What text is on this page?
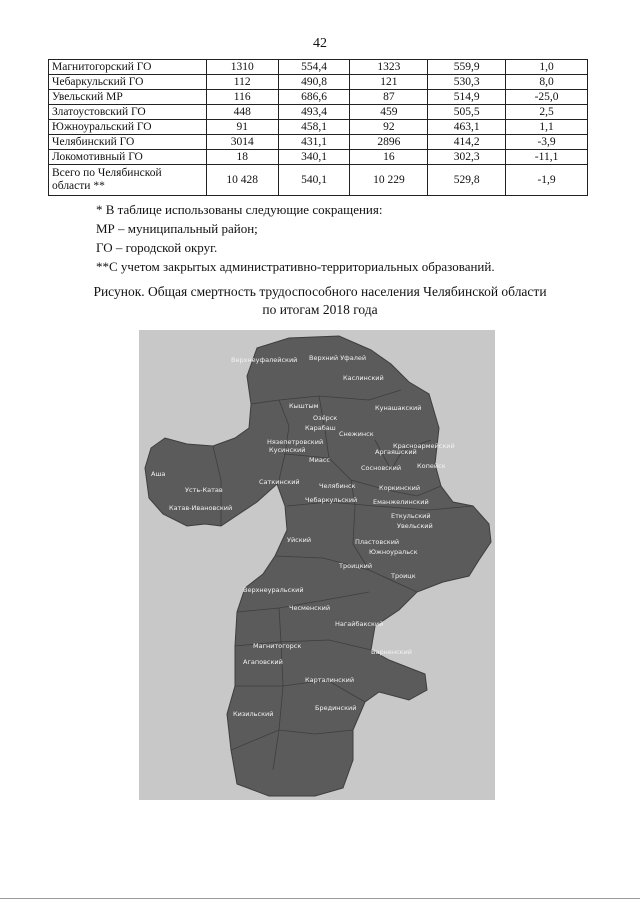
42
Магнитогорский ГО	1310	554,4	1323	559,9	1,0
Чебаркульский ГО	112	490,8	121	530,3	8,0
Увельский МР	116	686,6	87	514,9	-25,0
Златоустовский ГО	448	493,4	459	505,5	2,5
Южноуральский ГО	91	458,1	92	463,1	1,1
Челябинский ГО	3014	431,1	2896	414,2	-3,9
Локомотивный ГО	18	340,1	16	302,3	-11,1
Всего по Челябинской
области **	10 428	540,1	10 229	529,8	-1,9
* В таблице использованы следующие сокращения:
МР – муниципальный район;
ГО – городской округ.
**С учетом закрытых административно-территориальных образований.
Рисунок. Общая смертность трудоспособного населения Челябинской области
по итогам 2018 года
Верхнеуфалейский Верхний Уфалей
Каслинский
Кыштым	Кунашакский
Озёрск
Карабаш
Снежинск
Аргаяшский
Нязепетровский
Кусинский	Красноармейский
Копейск
Аша
Миасс
Сосновский
Катав-Ивановский
Усть-Катав
Саткинский	Челябинск	Коркинский
Еманжелинский
Чебаркульский
Еткульский
Уйский	Пластовский
Южноуральск
Троицкий
Троицк
Верхнеуральский
Чесменский
Нагайбакский
Магнитогорск
Агаповский
Карталинский
Кизильский
Брединский
Варненский
Увельский
